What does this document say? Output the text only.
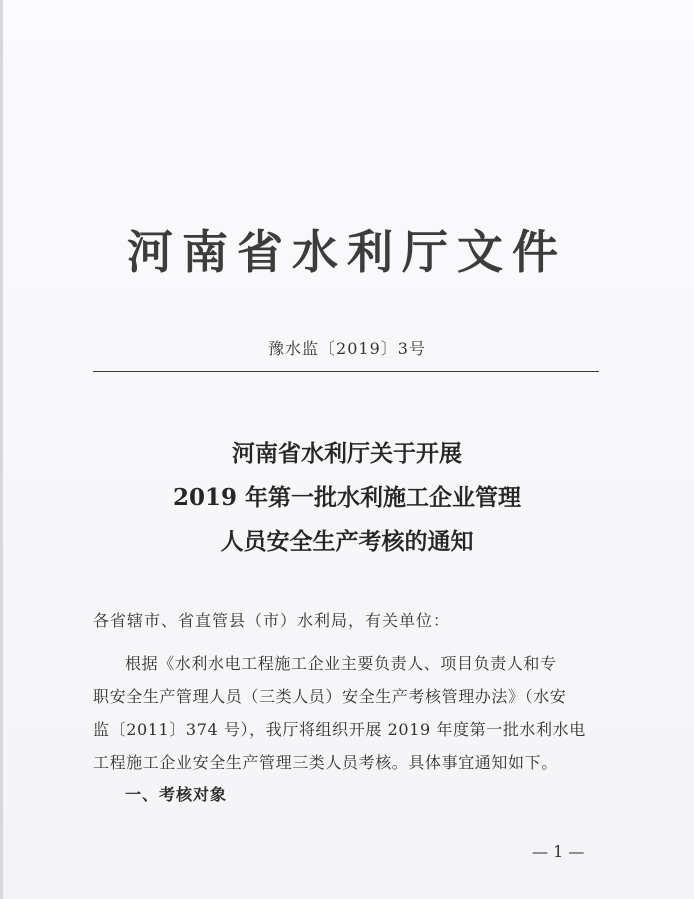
河南省水利厅文件
豫水监〔2019〕3号
河南省水利厅关于开展
2019 年第一批水利施工企业管理
人员安全生产考核的通知
各省辖市、省直管县（市）水利局，有关单位：
根据《水利水电工程施工企业主要负责人、项目负责人和专
职安全生产管理人员（三类人员）安全生产考核管理办法》（水安
监〔2011〕374 号），我厅将组织开展 2019 年度第一批水利水电
工程施工企业安全生产管理三类人员考核。具体事宜通知如下。
一、考核对象
— 1 —
